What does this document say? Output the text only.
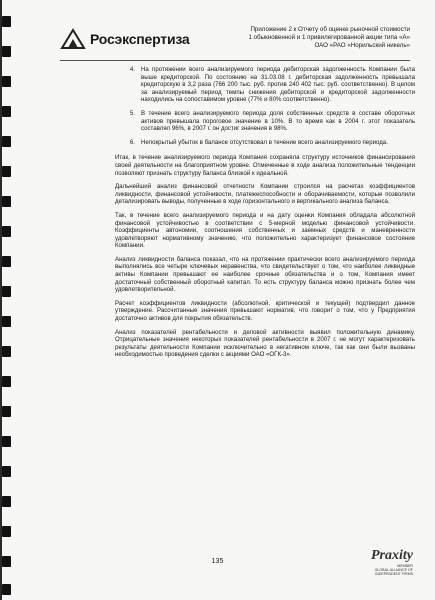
Росэкспертиза
Приложение 2 к Отчету об оценке рыночной стоимости
1 обыкновенной и 1 привилегированной акции типа «А»
ОАО «РАО «Норильский никель»
4. На протяжении всего анализируемого периода дебиторская задолженность Компании была выше кредиторской. По состоянию на 31.03.08 г. дебиторская задолженность превышала кредиторскую в 3,2 раза (766 200 тыс. руб. против 240 402 тыс. руб. соответственно). В целом за анализируемый период темпы снижения дебиторской и кредиторской задолженности находились на сопоставимом уровне (77% и 80% соответственно).
5. В течение всего анализируемого периода доля собственных средств в составе оборотных активов превышала пороговое значение в 10%. В то время как в 2004 г. этот показатель составлял 96%, в 2007 г. он достиг значения в 98%.
6. Непокрытый убыток в балансе отсутствовал в течение всего анализируемого периода.

Итак, в течение анализируемого периода Компания сохраняла структуру источников финансирования своей деятельности на благоприятном уровне. Отмеченные в ходе анализа положительные тенденции позволяют признать структуру баланса близкой к идеальной.

Дальнейший анализ финансовой отчетности Компании строился на расчетах коэффициентов ликвидности, финансовой устойчивости, платежеспособности и оборачиваемости, которые позволили детализировать выводы, полученные в ходе горизонтального и вертикального анализа баланса.

Так, в течение всего анализируемого периода и на дату оценки Компания обладала абсолютной финансовой устойчивостью в соответствии с 5-мерной моделью финансовой устойчивости. Коэффициенты автономии, соотношения собственных и заемных средств и маневренности удовлетворяют нормативному значению, что положительно характеризует финансовое состояние Компании.

Анализ ликвидности баланса показал, что на протяжении практически всего анализируемого периода выполнялись все четыре ключевых неравенства, что свидетельствует о том, что наиболее ликвидные активы Компании превышают ее наиболее срочные обязательства и о том, Компания имеет достаточный собственный оборотный капитал. То есть структуру баланса можно признать более чем удовлетворительной.

Расчет коэффициентов ликвидности (абсолютной, критической и текущей) подтвердил данное утверждение. Рассчитанные значения превышают норматив, что говорит о том, что у Предприятия достаточно активов для покрытия обязательств.

Анализ показателей рентабельности и деловой активности выявил положительную динамику. Отрицательные значения некоторых показателей рентабельности в 2007 г. не могут характеризовать результаты деятельности Компании исключительно в негативном ключе, так как они были вызваны необходимостью проведения сделки с акциями ОАО «ОГК-3».

135	Praxity
MEMBER
GLOBAL ALLIANCE OF
INDEPENDENT FIRMS
